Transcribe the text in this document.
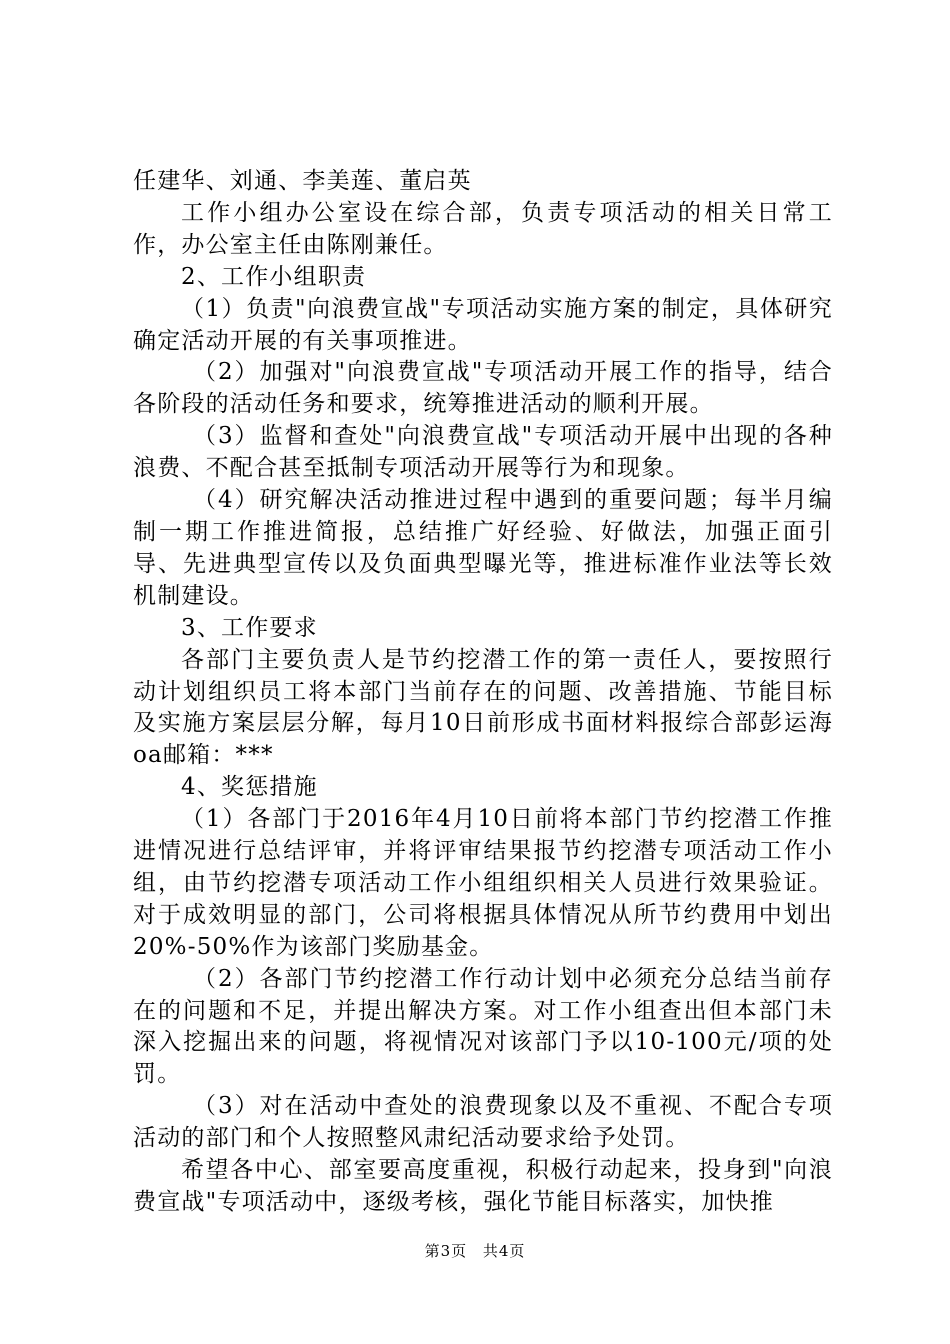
任建华、刘通、李美莲、董启英

工作小组办公室设在综合部，负责专项活动的相关日常工作，办公室主任由陈刚兼任。

2、工作小组职责

（1）负责"向浪费宣战"专项活动实施方案的制定，具体研究确定活动开展的有关事项推进。

（2）加强对"向浪费宣战"专项活动开展工作的指导，结合各阶段的活动任务和要求，统筹推进活动的顺利开展。

（3）监督和查处"向浪费宣战"专项活动开展中出现的各种浪费、不配合甚至抵制专项活动开展等行为和现象。

（4）研究解决活动推进过程中遇到的重要问题；每半月编制一期工作推进简报，总结推广好经验、好做法，加强正面引导、先进典型宣传以及负面典型曝光等，推进标准作业法等长效机制建设。

3、工作要求

各部门主要负责人是节约挖潜工作的第一责任人，要按照行动计划组织员工将本部门当前存在的问题、改善措施、节能目标及实施方案层层分解，每月10日前形成书面材料报综合部彭运海oa邮箱：***

4、奖惩措施

（1）各部门于2016年4月10日前将本部门节约挖潜工作推进情况进行总结评审，并将评审结果报节约挖潜专项活动工作小组，由节约挖潜专项活动工作小组组织相关人员进行效果验证。对于成效明显的部门，公司将根据具体情况从所节约费用中划出20%-50%作为该部门奖励基金。

（2）各部门节约挖潜工作行动计划中必须充分总结当前存在的问题和不足，并提出解决方案。对工作小组查出但本部门未深入挖掘出来的问题，将视情况对该部门予以10-100元/项的处罚。

（3）对在活动中查处的浪费现象以及不重视、不配合专项活动的部门和个人按照整风肃纪活动要求给予处罚。

希望各中心、部室要高度重视，积极行动起来，投身到"向浪费宣战"专项活动中，逐级考核，强化节能目标落实，加快推

第3页 共4页
